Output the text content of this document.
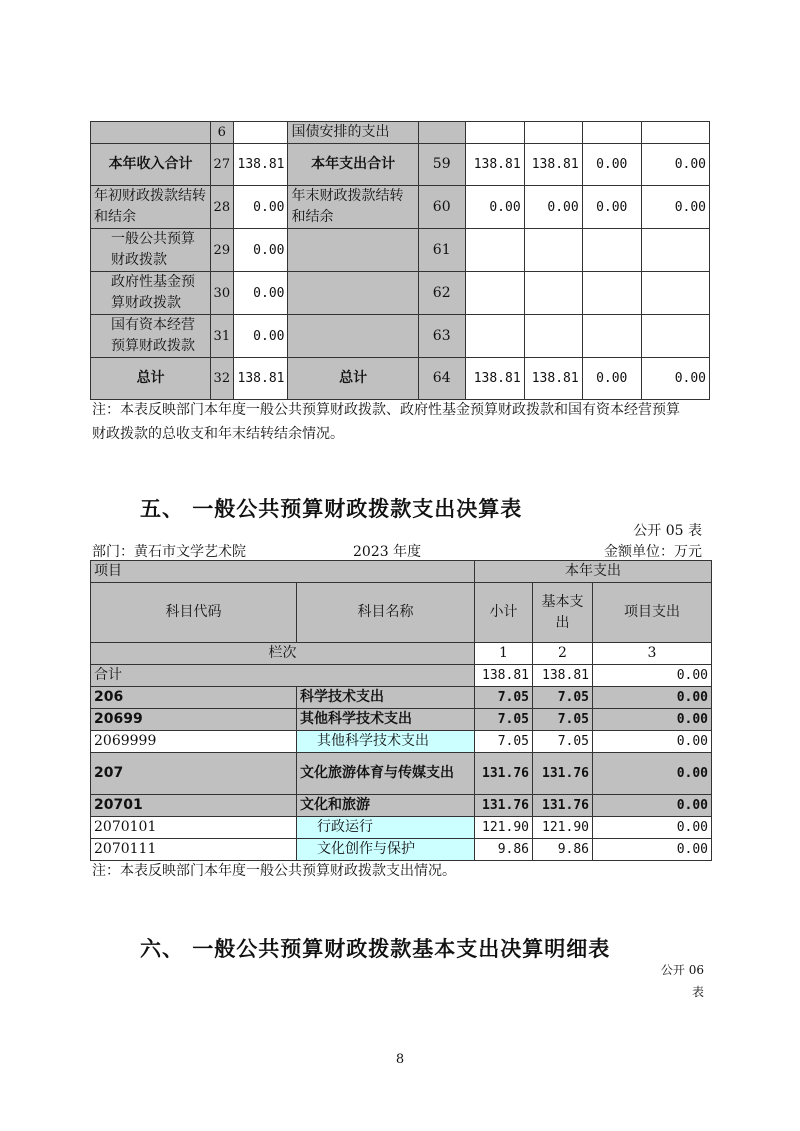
	6		国债安排的支出					
本年收入合计	27	138.81	本年支出合计	59	138.81	138.81	0.00	0.00
年初财政拨款结转和结余	28	0.00	年末财政拨款结转和结余	60	0.00	0.00	0.00	0.00
一般公共预算财政拨款	29	0.00		61				
政府性基金预算财政拨款	30	0.00		62				
国有资本经营预算财政拨款	31	0.00		63				
总计	32	138.81	总计	64	138.81	138.81	0.00	0.00
注：本表反映部门本年度一般公共预算财政拨款、政府性基金预算财政拨款和国有资本经营预算财政拨款的总收支和年末结转结余情况。
五、 一般公共预算财政拨款支出决算表
公开 05 表
部门：黄石市文学艺术院	2023 年度	金额单位：万元
项目		本年支出		
科目代码	科目名称	小计	基本支出	项目支出
栏次		1	2	3
合计		138.81	138.81	0.00
206	科学技术支出	7.05	7.05	0.00
20699	其他科学技术支出	7.05	7.05	0.00
2069999	其他科学技术支出	7.05	7.05	0.00
207	文化旅游体育与传媒支出	131.76	131.76	0.00
20701	文化和旅游	131.76	131.76	0.00
2070101	行政运行	121.90	121.90	0.00
2070111	文化创作与保护	9.86	9.86	0.00
注：本表反映部门本年度一般公共预算财政拨款支出情况。
六、 一般公共预算财政拨款基本支出决算明细表
公开 06
表
8
